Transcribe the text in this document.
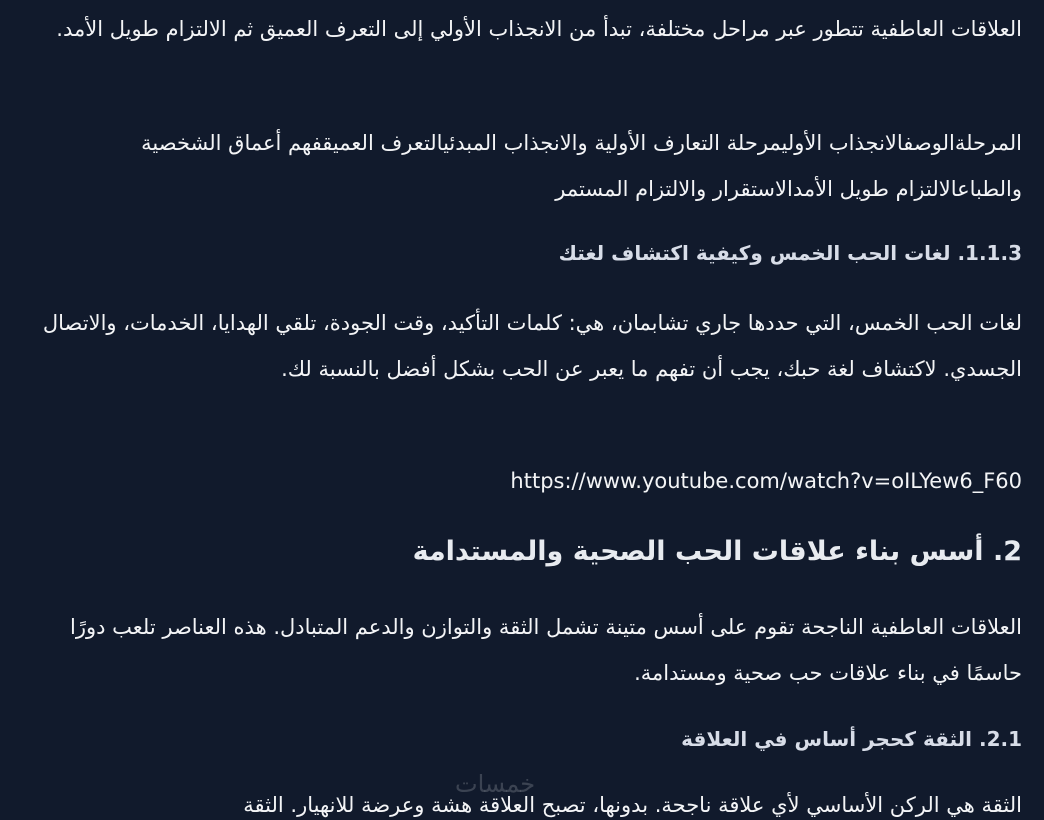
العلاقات العاطفية تتطور عبر مراحل مختلفة، تبدأ من الانجذاب الأولي إلى التعرف العميق ثم الالتزام طويل الأمد.

المرحلةالوصفالانجذاب الأوليمرحلة التعارف الأولية والانجذاب المبدئيالتعرف العميقفهم أعماق الشخصية والطباعالالتزام طويل الأمدالاستقرار والالتزام المستمر

1.1.3. لغات الحب الخمس وكيفية اكتشاف لغتك

لغات الحب الخمس، التي حددها جاري تشابمان، هي: كلمات التأكيد، وقت الجودة، تلقي الهدايا، الخدمات، والاتصال الجسدي. لاكتشاف لغة حبك، يجب أن تفهم ما يعبر عن الحب بشكل أفضل بالنسبة لك.

https://www.youtube.com/watch?v=oILYew6_F60

2. أسس بناء علاقات الحب الصحية والمستدامة

العلاقات العاطفية الناجحة تقوم على أسس متينة تشمل الثقة والتوازن والدعم المتبادل. هذه العناصر تلعب دورًا حاسمًا في بناء علاقات حب صحية ومستدامة.

2.1. الثقة كحجر أساس في العلاقة

الثقة هي الركن الأساسي لأي علاقة ناجحة. بدونها، تصبح العلاقة هشة وعرضة للانهيار. الثقة

خمسات
